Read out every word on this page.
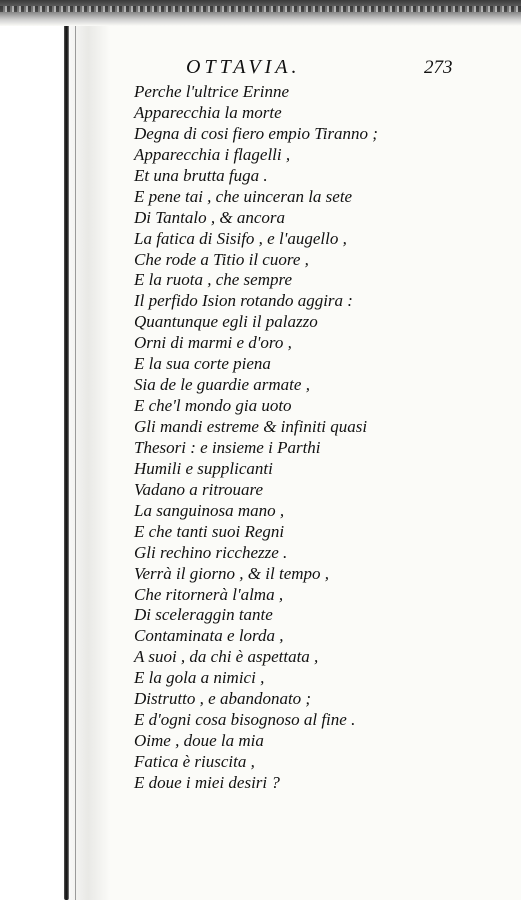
OTTAVIA.	273
Perche l'ultrice Erinne
Apparecchia la morte
Degna di cosi fiero empio Tiranno ;
Apparecchia i flagelli ,
Et una brutta fuga .
E pene tai , che uinceran la sete
Di Tantalo , & ancora
La fatica di Sisifo , e l'augello ,
Che rode a Titio il cuore ,
E la ruota , che sempre
Il perfido Ision rotando aggira :
Quantunque egli il palazzo
Orni di marmi e d'oro ,
E la sua corte piena
Sia de le guardie armate ,
E che'l mondo gia uoto
Gli mandi estreme & infiniti quasi
Thesori : e insieme i Parthi
Humili e supplicanti
Vadano a ritrouare
La sanguinosa mano ,
E che tanti suoi Regni
Gli rechino ricchezze .
Verrà il giorno , & il tempo ,
Che ritornerà l'alma ,
Di sceleraggin tante
Contaminata e lorda ,
A suoi , da chi è aspettata ,
E la gola a nimici ,
Distrutto , e abandonato ;
E d'ogni cosa bisognoso al fine .
Oime , doue la mia
Fatica è riuscita ,
E doue i miei desiri ?
